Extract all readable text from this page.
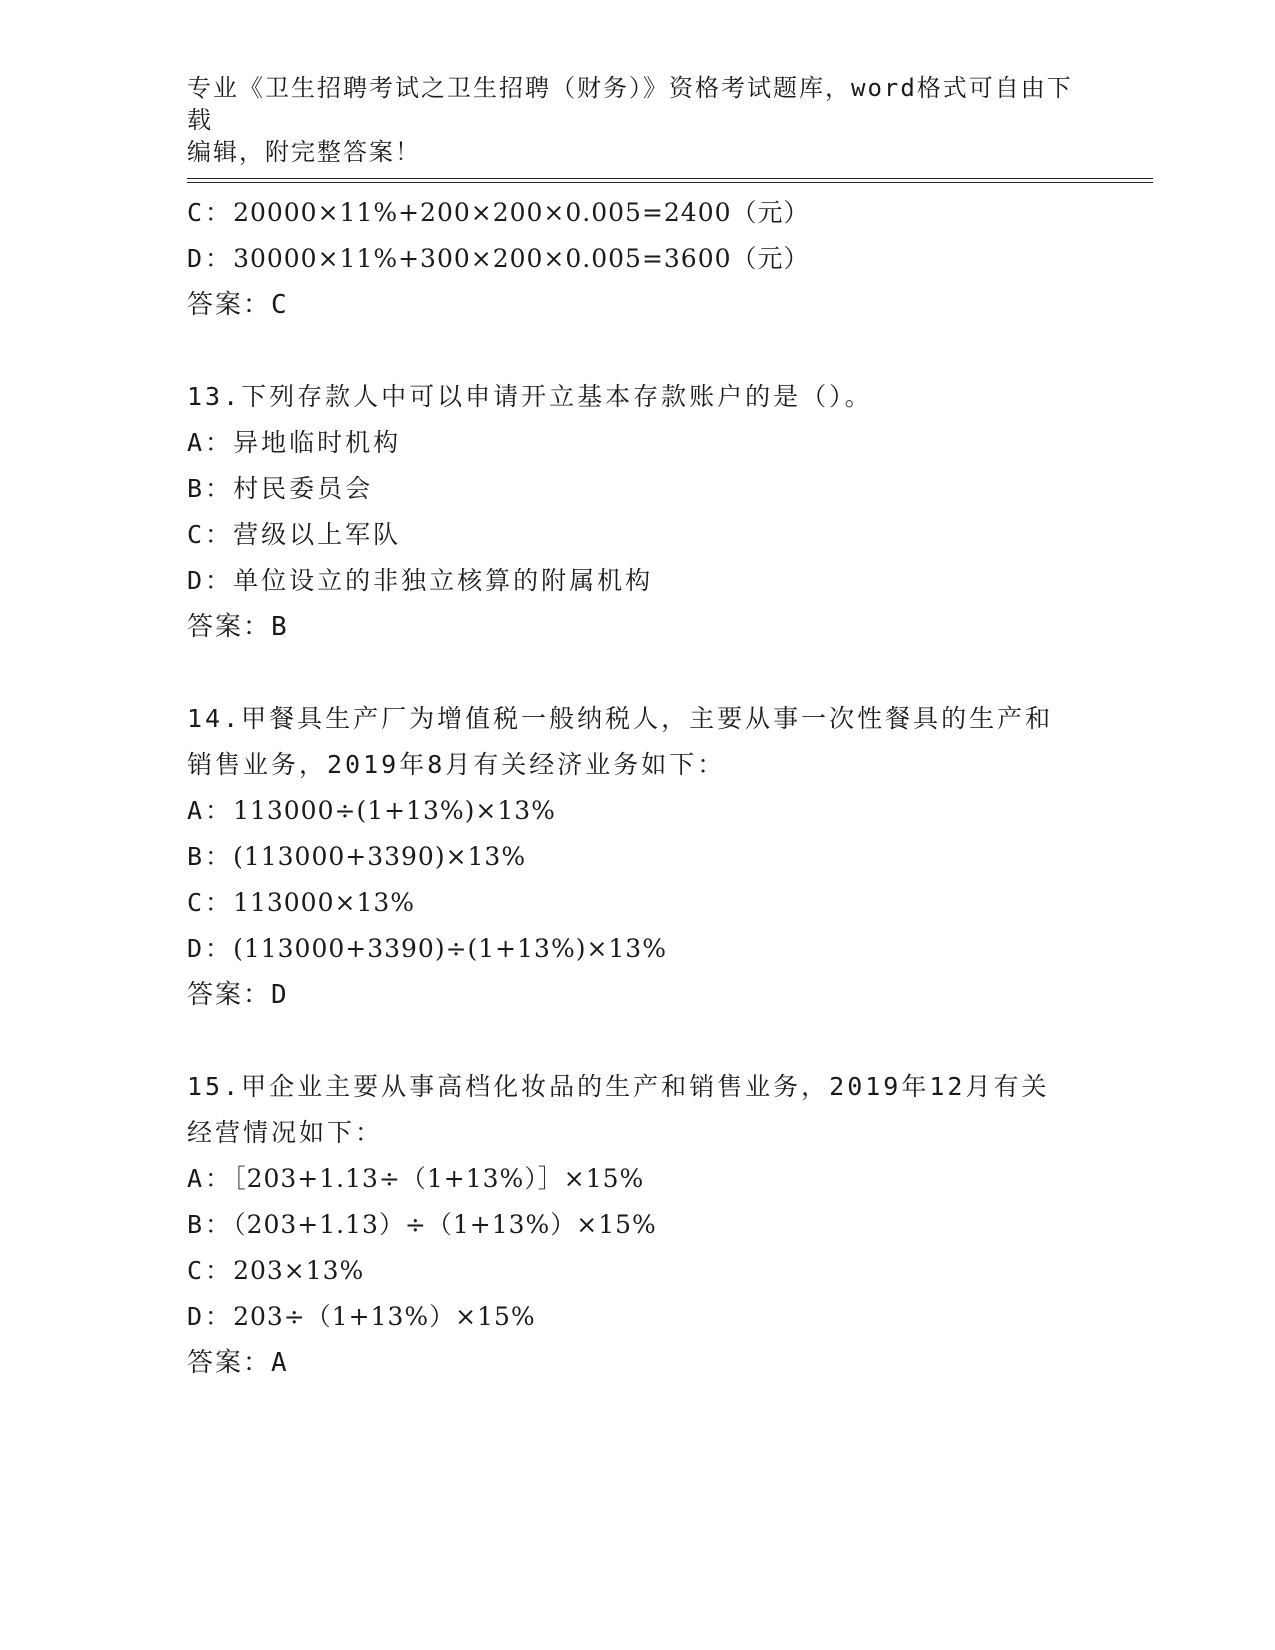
专业《卫生招聘考试之卫生招聘（财务）》资格考试题库，word格式可自由下载
编辑，附完整答案！
C：20000×11%+200×200×0.005=2400（元）
D：30000×11%+300×200×0.005=3600（元）
答案：C
13.下列存款人中可以申请开立基本存款账户的是（）。
A：异地临时机构
B：村民委员会
C：营级以上军队
D：单位设立的非独立核算的附属机构
答案：B
14.甲餐具生产厂为增值税一般纳税人，主要从事一次性餐具的生产和
销售业务，2019年8月有关经济业务如下：
A：113000÷(1+13%)×13%
B：(113000+3390)×13%
C：113000×13%
D：(113000+3390)÷(1+13%)×13%
答案：D
15.甲企业主要从事高档化妆品的生产和销售业务，2019年12月有关
经营情况如下：
A：［203+1.13÷（1+13%）］×15%
B：（203+1.13）÷（1+13%）×15%
C：203×13%
D：203÷（1+13%）×15%
答案：A
